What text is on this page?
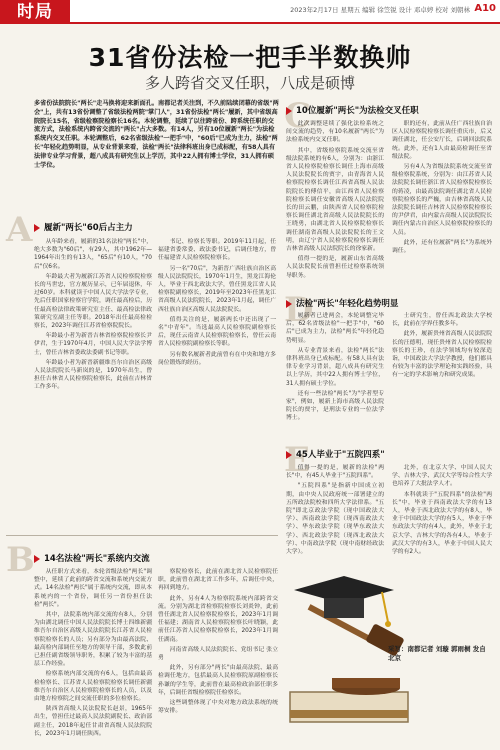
时局	2023年2月17日 星期五 编辑 徐笠锐 设计 邓卓婷 校对 刘朝林 A10
31省份法检一把手半数换帅
多人跨省交叉任职，八成是硕博
多省份法院院长"两长"走马换将迎来新面孔。南都记者关注到，不久前陆续闭幕的省级"两会"上，共有13省份调整了省级法检两院"掌门人"，31省份法检"两长"履新，其中省级高院院长15名，省级检察院检察长16名。本轮调整，延续了以往跨省份、跨系统任职的交流方式，法检系统内跨省交流的"两长"占大多数。有14人，另有10位履新"两长"为法检系统内交叉任职。本轮调整后，62名省级法检"一把手"中，"60后"已成为主力，法检"两长"年轻化趋势明显，从专业背景来看，法检"两长"法律科班出身已成标配，有58人具有法律专业学习背景，超八成具有研究生以上学历，其中22人拥有博士学位，31人拥有硕士学位。
A	履新"两长"60后占主力

从年龄来看，履新的31名法检"两长"中，绝大多数为"60后"，有29人，其中1962年—1964年出生的有13人，"65后"有10人，"70后"仅6名。

年龄最大者为履新江苏省人民检察院检察长的马世忠，官方履历显示，已年届退休，年过60岁。本科就读于中国人民大学法学专业，先后任职国家检察官学院，调任最高检后，历任最高检法律政策研究室主任、最高检法律政策研究室副主任等职。2018年出任最高检检察长，2023年调任江苏省检察院院长。

年龄最小者为新晋吉林省检察院检察长尹伊君，生于1970年4月，中国人民大学法学博士，曾任吉林省委政法委副书记等职。

年龄最小者为新晋新疆维吾尔自治区高级人民法院院长马新岚的是，1970年出生，曾担任吉林省人民检察院检察长，此前在吉林省工作多年。

书记、检察长等职。2019年11月起，任福建省委常委、政法委书记，后调任地方，曾任福建省人民检察院检察长。

另一名"70后"，为新晋广西壮族自治区高级人民法院院长，1970年1月生，黑龙江海伦人，毕业于西北政法大学，曾任黑龙江省人民检察院副检察长，2019年至2023年任黑龙江省高级人民法院院长，2023年1月起，调任广西壮族自治区高级人民法院院长。

值得关注的是，履新两长中还出现了一名"中青年"。当选最高人民检察院副检察长后，现任云南省人民检察院检察长，曾任云南省人民检察院副检察长等职。

另有数名履新者此前曾有在中央和地方多岗位锻炼的经历。

B	14名法检"两长"系统内交流

从任职方式来看，本轮省级法检"两长"调整中，延续了此前的跨省交流和系统内交流方式。14名法检"两长"属于系统内交流，即从本系统内的一个省份，调任另一省份担任法检"两长"。

其中，法院系统内部交流的有8人，分别为由湖北调任中国人民法院院长博士四维新疆维吾尔自治区高级人民法院院长江苏省人民检察院检察长的人员；另有部分为由最高法院、最高检内部调任至地方的领导干部，多数此前已担任副省级领导职务，积累了较为丰富的基层工作经验。

检察系统内部交流的有6人，包括由最高检检察长、江苏省人民检察院检察长调任新疆维吾尔自治区人民检察院检察长的人员，以及由地方检察院之间交流任职的多位检察长。

陕西省高级人民法院院长赵景，1965年出生，曾担任过最高人民法院副院长、政治部副主任，2018年起任甘肃省高级人民法院院长，2023年1月调任陕西。

察院检察长，此前在湖北省人民检察院任职，此前曾在湖北省工作多年，后调任中央，再回到地方。

此外，另有4人为检察院系统内部跨省交流。分别为湖北省检察院检察长刘炎钟，此前曾任湖北省人民检察院检察长，2023年1月调任福建；湖南省人民检察院检察长叶晓颖，此前任江苏省人民检察院检察长，2023年1月调任湖南。

河南省高级人民法院院长、党组书记 张立勇

此外，另有部分"两长"由最高法院、最高检调任地方，包括最高人民检察院原副检察长孙谦的学生等，此前曾在最高检政治部任职多年，后调任省级检察院任检察长。

这些调整体现了中央对地方政法系统的统筹安排。

C
10位履新"两长"为法检交叉任职

此次调整延续了强化法检系统之间交流的趋势，有10名履新"两长"为法检系统内交叉任职。

其中，省级检察院系统交流至省级法院系统的有6人，分别为：由浙江省人民检察院检察长调任上海市高级人民法院院长的贾宇，由青海省人民检察院检察长调任江西省高级人民法院院长的傅信平，由江西省人民检察院检察长调任安徽省高级人民法院院长的田云鹏，由陕西省人民检察院检察长调任湖北省高级人民法院院长的王晓勇，由湖北省人民检察院检察长调任湖南省高级人民法院院长的王文明，由辽宁省人民检察院检察长调任吉林省高级人民法院院长的徐家新。

值得一提的是，履新山东省高级人民法院院长前曾担任过检察系统领导职务。

职的还有，此前从任广西壮族自治区人民检察院检察长调任重庆市，后又调任湖北，任公安厅长，后调回法院系统。此外，还有1人由最高检调任至省级法院。

另有4人为省级法院系统交流至省级检察院系统，分别为：由江苏省人民法院院长调任浙江省人民检察院检察长的蒋凌，由最高法院调任湖北省人民检察院检察长的严巍，由吉林省高级人民法院院长调任吉林省人民检察院检察长的尹伊君，由内蒙古高级人民法院院长调任内蒙古自治区人民检察院检察长的人员。

此外，还有位履新"两长"为系统外调任。

D
法检"两长"年轻化趋势明显

履新者已进两会，本轮调整完毕后，62名省级法检"一把手"中，"60后"已成为主力，法检"两长"年轻化趋势明显。

从专业背景来看，法检"两长"法律科班出身已成标配。有58人具有法律专业学习背景，超八成具有研究生以上学历，其中22人拥有博士学位，31人拥有硕士学位。

还有一些法检"两长"为"学者型专家"，例如，履新上海市高级人民法院院长的贾宇，是刑法专业的一位法学博士。

士研究生，曾任西北政法大学校长，此前在学界任教多年。

此外，履新贵州省高级人民法院院长的汪德明，现任贵州省人民检察院检察长的王珍，在法学领域均有较深造诣，中国政法大学法学教授，他们都具有较为丰富的法学理论和实践经验，具有一定的学术影响力和研究成果。

E
45人毕业于"五院四系"

值得一提的是，履新的法检"两长"中，有45人毕业于"五院四系"。

"五院四系"是指新中国成立初期，由中央人民政府统一部署建立的五所政法院校和四所大学法律系。"五院"即北京政法学院（现中国政法大学）、西南政法学院（现西南政法大学）、华东政法学院（现华东政法大学）、西北政法学院（现西北政法大学）、中南政法学院（现中南财经政法大学）。

北外，在北京大学、中国人民大学、吉林大学、武汉大学等综合性大学也培养了大批法学人才。

本科就读于"五院四系"的法检"两长"中，毕业于西南政法大学的有13人，毕业于西北政法大学的有8人，毕业于中国政法大学的有5人，毕业于华东政法大学的有4人，此外，毕业于北京大学、吉林大学的各有4人，毕业于武汉大学的有3人，毕业于中国人民大学的有2人。

采写：南都记者 刘璇 郭雨桐 发自北京
